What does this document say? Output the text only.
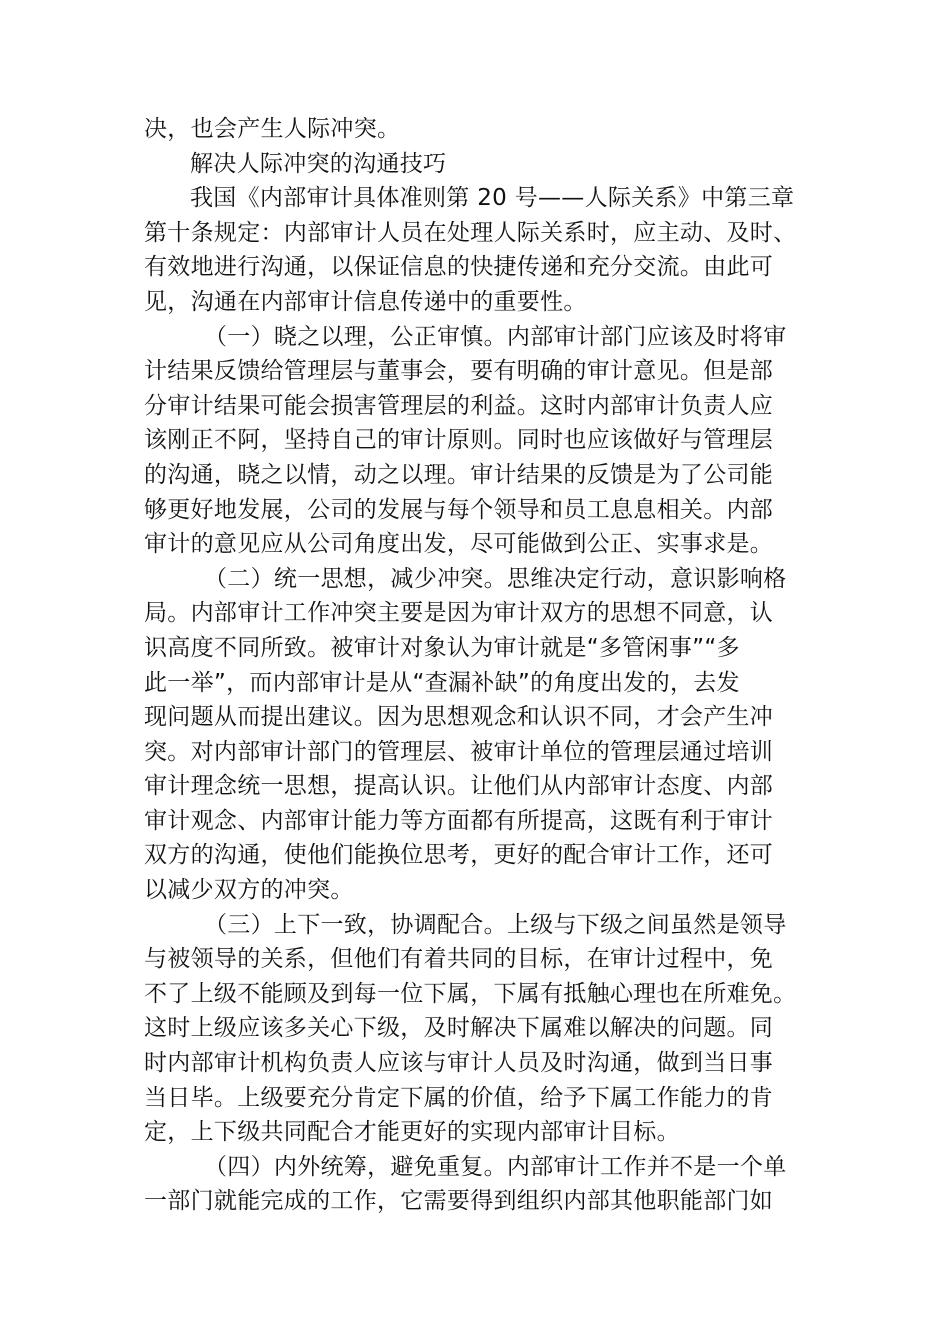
决，也会产生人际冲突。
解决人际冲突的沟通技巧
我国《内部审计具体准则第 20 号——人际关系》中第三章
第十条规定：内部审计人员在处理人际关系时，应主动、及时、
有效地进行沟通，以保证信息的快捷传递和充分交流。由此可
见，沟通在内部审计信息传递中的重要性。
（一）晓之以理，公正审慎。内部审计部门应该及时将审
计结果反馈给管理层与董事会，要有明确的审计意见。但是部
分审计结果可能会损害管理层的利益。这时内部审计负责人应
该刚正不阿，坚持自己的审计原则。同时也应该做好与管理层
的沟通，晓之以情，动之以理。审计结果的反馈是为了公司能
够更好地发展，公司的发展与每个领导和员工息息相关。内部
审计的意见应从公司角度出发，尽可能做到公正、实事求是。
（二）统一思想，减少冲突。思维决定行动，意识影响格
局。内部审计工作冲突主要是因为审计双方的思想不同意，认
识高度不同所致。被审计对象认为审计就是“多管闲事”“多
此一举”，而内部审计是从“查漏补缺”的角度出发的，去发
现问题从而提出建议。因为思想观念和认识不同，才会产生冲
突。对内部审计部门的管理层、被审计单位的管理层通过培训
审计理念统一思想，提高认识。让他们从内部审计态度、内部
审计观念、内部审计能力等方面都有所提高，这既有利于审计
双方的沟通，使他们能换位思考，更好的配合审计工作，还可
以减少双方的冲突。
（三）上下一致，协调配合。上级与下级之间虽然是领导
与被领导的关系，但他们有着共同的目标，在审计过程中，免
不了上级不能顾及到每一位下属，下属有抵触心理也在所难免。
这时上级应该多关心下级，及时解决下属难以解决的问题。同
时内部审计机构负责人应该与审计人员及时沟通，做到当日事
当日毕。上级要充分肯定下属的价值，给予下属工作能力的肯
定，上下级共同配合才能更好的实现内部审计目标。
（四）内外统筹，避免重复。内部审计工作并不是一个单
一部门就能完成的工作，它需要得到组织内部其他职能部门如
